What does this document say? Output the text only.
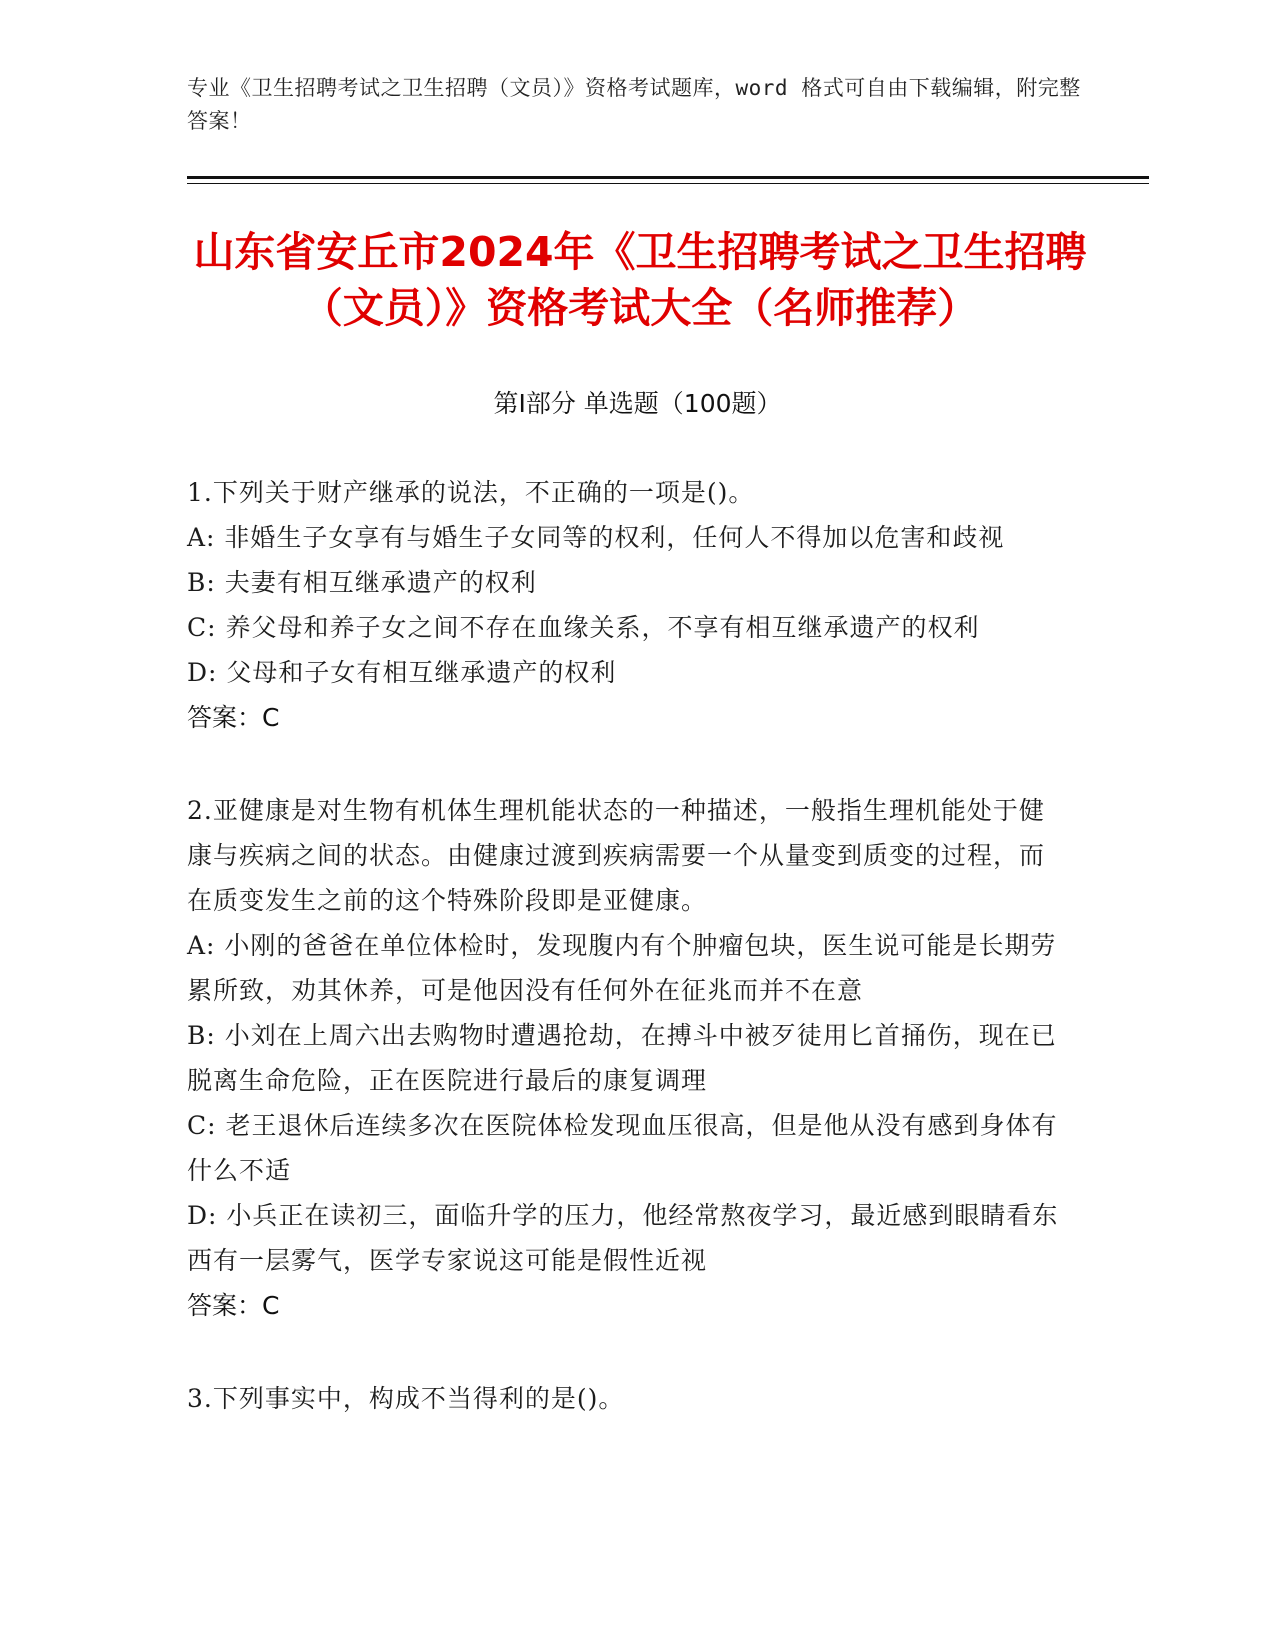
专业《卫生招聘考试之卫生招聘（文员）》资格考试题库，word 格式可自由下载编辑，附完整答案！
山东省安丘市2024年《卫生招聘考试之卫生招聘（文员）》资格考试大全（名师推荐）
第I部分 单选题（100题）
1.下列关于财产继承的说法，不正确的一项是()。
A: 非婚生子女享有与婚生子女同等的权利，任何人不得加以危害和歧视
B: 夫妻有相互继承遗产的权利
C: 养父母和养子女之间不存在血缘关系，不享有相互继承遗产的权利
D: 父母和子女有相互继承遗产的权利
答案：C
2.亚健康是对生物有机体生理机能状态的一种描述，一般指生理机能处于健康与疾病之间的状态。由健康过渡到疾病需要一个从量变到质变的过程，而在质变发生之前的这个特殊阶段即是亚健康。
A: 小刚的爸爸在单位体检时，发现腹内有个肿瘤包块，医生说可能是长期劳累所致，劝其休养，可是他因没有任何外在征兆而并不在意
B: 小刘在上周六出去购物时遭遇抢劫，在搏斗中被歹徒用匕首捅伤，现在已脱离生命危险，正在医院进行最后的康复调理
C: 老王退休后连续多次在医院体检发现血压很高，但是他从没有感到身体有什么不适
D: 小兵正在读初三，面临升学的压力，他经常熬夜学习，最近感到眼睛看东西有一层雾气，医学专家说这可能是假性近视
答案：C
3.下列事实中，构成不当得利的是()。
